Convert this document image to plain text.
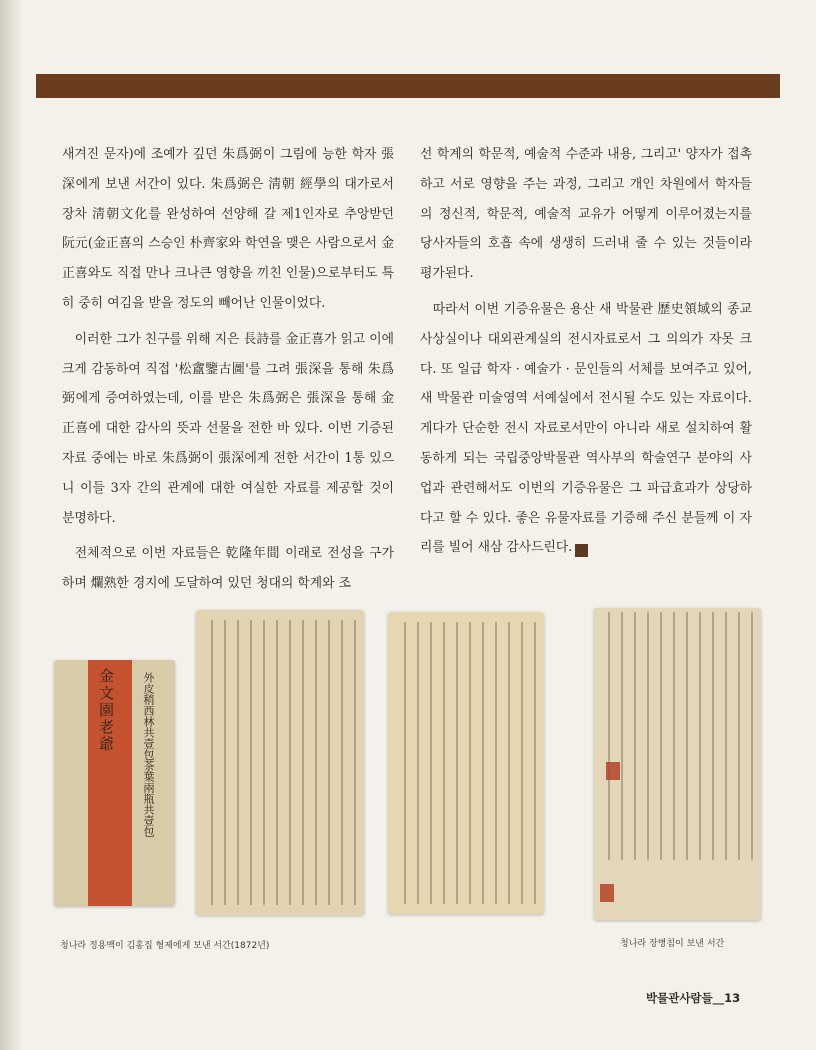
새겨진 문자)에 조예가 깊던 朱爲弼이 그림에 능한 학자 張深에게 보낸 서간이 있다. 朱爲弼은 淸朝 經學의 대가로서 장차 淸朝文化를 완성하여 선양해 갈 제1인자로 추앙받던 阮元(金正喜의 스승인 朴齊家와 학연을 맺은 사람으로서 金正喜와도 직접 만나 크나큰 영향을 끼친 인물)으로부터도 특히 중히 여김을 받을 정도의 빼어난 인물이었다.

이러한 그가 친구를 위해 지은 長詩를 金正喜가 읽고 이에 크게 감동하여 직접 '松盦鑒古圖'를 그려 張深을 통해 朱爲弼에게 증여하였는데, 이를 받은 朱爲弼은 張深을 통해 金正喜에 대한 감사의 뜻과 선물을 전한 바 있다. 이번 기증된 자료 중에는 바로 朱爲弼이 張深에게 전한 서간이 1통 있으니 이들 3자 간의 관계에 대한 여실한 자료를 제공할 것이 분명하다.

전체적으로 이번 자료들은 乾隆年間 이래로 전성을 구가하며 爛熟한 경지에 도달하여 있던 청대의 학계와 조

선 학계의 학문적, 예술적 수준과 내용, 그리고' 양자가 접촉하고 서로 영향을 주는 과정, 그리고 개인 차원에서 학자들의 정신적, 학문적, 예술적 교유가 어떻게 이루어졌는지를 당사자들의 호흡 속에 생생히 드러내 줄 수 있는 것들이라 평가된다.

따라서 이번 기증유물은 용산 새 박물관 歷史領域의 종교사상실이나 대외관계실의 전시자료로서 그 의의가 자못 크다. 또 일급 학자 · 예술가 · 문인들의 서체를 보여주고 있어, 새 박물관 미술영역 서예실에서 전시될 수도 있는 자료이다. 게다가 단순한 전시 자료로서만이 아니라 새로 설치하여 활동하게 되는 국립중앙박물관 역사부의 학술연구 분야의 사업과 관련해서도 이번의 기증유물은 그 파급효과가 상당하다고 할 수 있다. 좋은 유물자료를 기증해 주신 분들께 이 자리를 빌어 새삼 감사드린다. M

金文園老爺 外皮稍西林共壹包茶葉兩瓶共壹包
청나라 정용백이 김홍집 형제에게 보낸 서간(1872년)	청나라 장병침이 보낸 서간
박물관사람들__13
